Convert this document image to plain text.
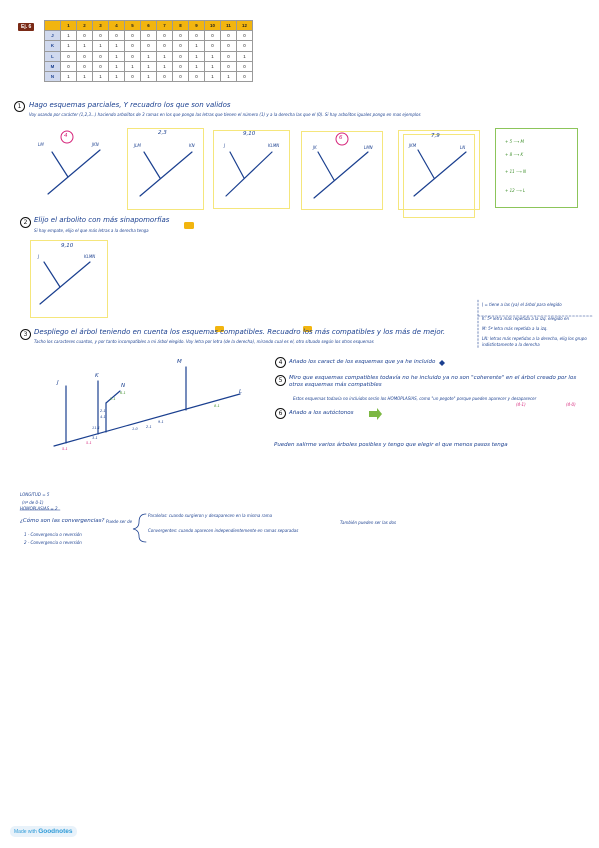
Ej. 6
		1	2	3	4	5	6	7	8	9	10	11	12
J	1	0	0	0	0	0	0	0	0	0	0	0
K	1	1	1	1	0	0	0	0	1	0	0	0
L	0	0	0	1	0	1	1	0	1	1	0	1
M	0	0	0	1	1	1	1	0	1	1	0	0
N	1	1	1	1	0	1	0	0	0	1	1	0
1
2
3
4
5
6
Hago esquemas parciales, Y recuadro los que son validos
Voy usando por carácter (1,2,3...) haciendo arbolitos de 3 ramas en los que pongo las letras que tienen el número (1) y a la derecha las que el (0). Si hay arbolitos iguales pongo en mas ejemplos
4
LM	JKN
2,3
JLM	KN
9,10
J	KLMN
6
JK	LMN
7,9
JKM	LN
+ 5 ⟶ M
+ 8 ⟶ K
+ 11 ⟶ N
+ 12 ⟶ L
Elijo el arbolito con más sinapomorfías
Si hay empate, elijo el que más letras a la derecha tenga
9,10
J	KLMN
J = tiene a las (ya) el árbol para elegido
K: 5º letra más repetida a la izq. elegido en
M: 5º letra más repetida a la izq.
LN: letras más repetidas a la derecha, elig los grupo indistintamente a la derecha
Despliego el árbol teniendo en cuenta los esquemas compatibles. Recuadro los más compatibles y los más de mejor.
Tacho los caracteres cuantos, y por tanto incompatibles a mi árbol elegido. Voy letra por letra (de la derecha), mirando cual es el, otro situado según los otros esquemas
J
K
N
M
L
5-1
5-1
3-1
4-1
2-1
2-1
1-0 2-1
11-1
6-1
9-1
8-1
Añado los caract de los esquemas que ya he incluido
Miro que esquemas compatibles todavía no he incluido ya no son "coherente" en el árbol creado por los otros esquemas más compatibles
Estos esquemas todavía no incluidos serán los HOMOPLASIAS, como "un pegote" porque pueden aparecer y desaparecer
(4-1)	(4-0)
Añado a los autóctonos
Pueden salirme varios árboles posibles y tengo que elegir el que menos pasos tenga
LONGITUD = 5
(nº de 0-1)
HOMOPLASIAS = 2
¿Cómo son las convergencias? Puede ser de
Paralelas: cuando surgieron y desaparecen en la misma rama
Convergentes: cuando aparecen independientemente en ramas separadas
También pueden ser las dos
1 - Convergencia o reversión
2 - Convergencia o reversión
Made with Goodnotes
